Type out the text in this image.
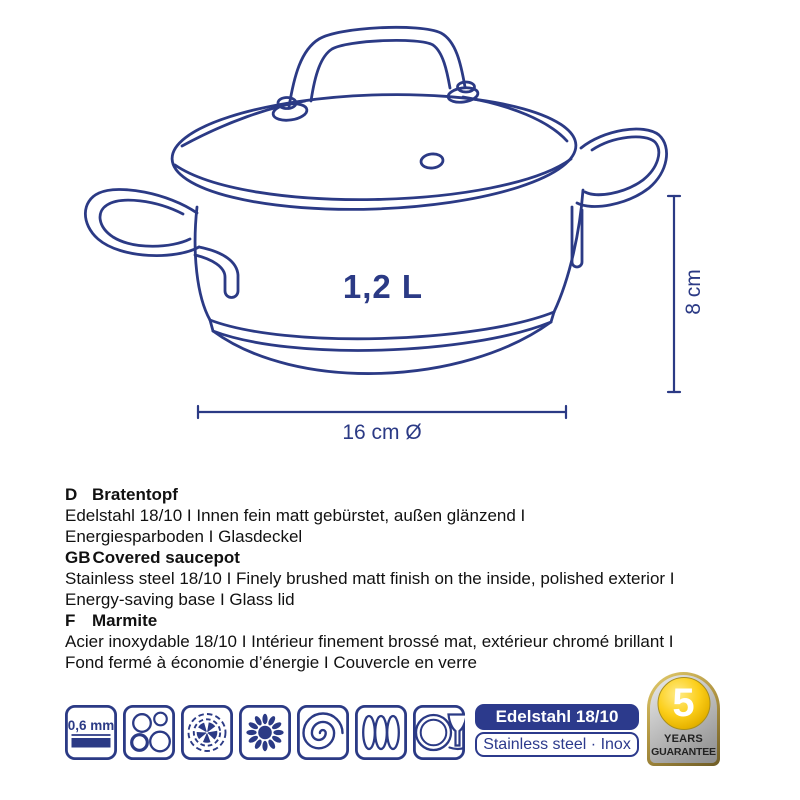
1,2 L
16 cm Ø
8 cm
D Bratentopf
Edelstahl 18/10 I Innen fein matt gebürstet, außen glänzend I
Energiesparboden I Glasdeckel
GB Covered saucepot
Stainless steel 18/10 I Finely brushed matt finish on the inside, polished exterior I
Energy-saving base I Glass lid
F Marmite
Acier inoxydable 18/10 I Intérieur finement brossé mat, extérieur chromé brillant I
Fond fermé à économie d’énergie I Couvercle en verre
0,6 mm	Edelstahl 18/10
Stainless steel · Inox
5
YEARS
GUARANTEE
